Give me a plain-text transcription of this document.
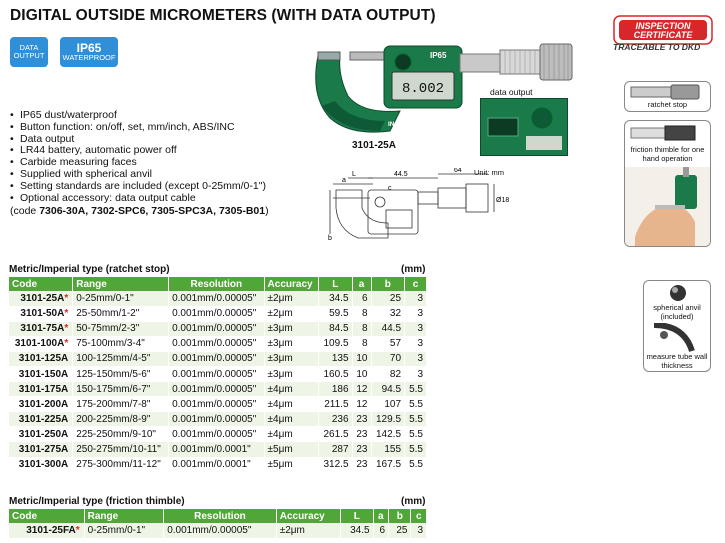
DIGITAL OUTSIDE MICROMETERS (WITH DATA OUTPUT)
DATA
OUTPUT
IP65
WATERPROOF
INSPECTION
CERTIFICATE
TRACEABLE TO DKD
IP65
8.002
INSIZE
3101-25A
data output
• IP65 dust/waterproof
• Button function: on/off, set, mm/inch, ABS/INC
• Data output
• LR44 battery, automatic power off
• Carbide measuring faces
• Supplied with spherical anvil
• Setting standards are included (except 0-25mm/0-1")
• Optional accessory: data output cable
(code 7306-30A, 7302-SPC6, 7305-SPC3A, 7305-B01)
L
a
44.5
64
Ø18
b
c
Unit: mm
ratchet stop
friction thimble for one hand operation
spherical anvil (included)
measure tube wall thickness
Metric/Imperial type (ratchet stop)	(mm)
Code	Range	Resolution	Accuracy	L	a	b	c
3101-25A*	0-25mm/0-1"	0.001mm/0.00005"	±2μm	34.5	6	25	3
3101-50A*	25-50mm/1-2"	0.001mm/0.00005"	±2μm	59.5	8	32	3
3101-75A*	50-75mm/2-3"	0.001mm/0.00005"	±3μm	84.5	8	44.5	3
3101-100A*	75-100mm/3-4"	0.001mm/0.00005"	±3μm	109.5	8	57	3
3101-125A	100-125mm/4-5"	0.001mm/0.00005"	±3μm	135	10	70	3
3101-150A	125-150mm/5-6"	0.001mm/0.00005"	±3μm	160.5	10	82	3
3101-175A	150-175mm/6-7"	0.001mm/0.00005"	±4μm	186	12	94.5	5.5
3101-200A	175-200mm/7-8"	0.001mm/0.00005"	±4μm	211.5	12	107	5.5
3101-225A	200-225mm/8-9"	0.001mm/0.00005"	±4μm	236	23	129.5	5.5
3101-250A	225-250mm/9-10"	0.001mm/0.00005"	±4μm	261.5	23	142.5	5.5
3101-275A	250-275mm/10-11"	0.001mm/0.0001"	±5μm	287	23	155	5.5
3101-300A	275-300mm/11-12"	0.001mm/0.0001"	±5μm	312.5	23	167.5	5.5
Metric/Imperial type (friction thimble)	(mm)
Code	Range	Resolution	Accuracy	L	a	b	c
3101-25FA*	0-25mm/0-1"	0.001mm/0.00005"	±2μm	34.5	6	25	3
